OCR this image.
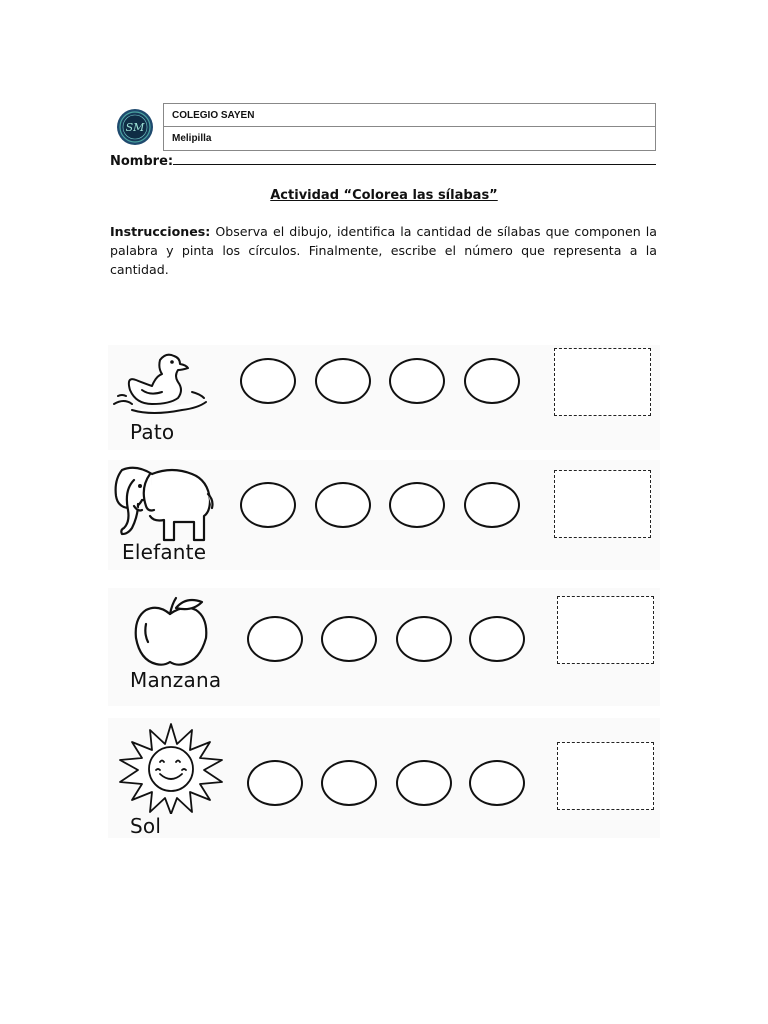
SM
COLEGIO SAYEN
Melipilla
Nombre:
Actividad “Colorea las sílabas”
Instrucciones: Observa el dibujo, identifica la cantidad de sílabas que componen la palabra y pinta los círculos. Finalmente, escribe el número que representa a la cantidad.
Pato
Elefante
Manzana
Sol
